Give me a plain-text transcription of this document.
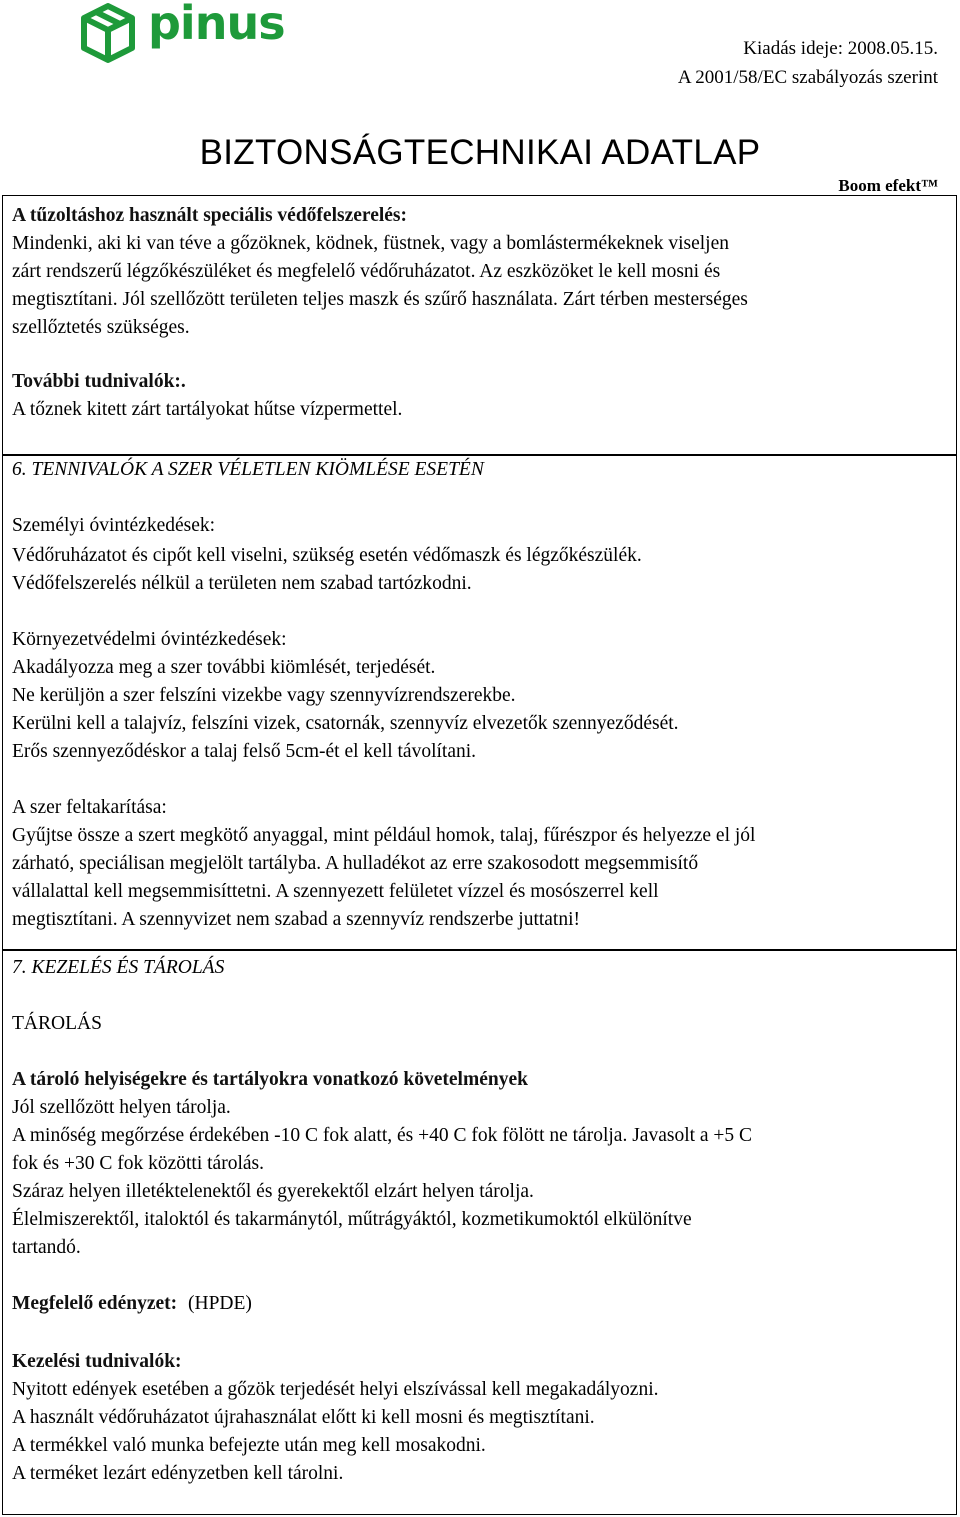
pinus	Kiadás ideje: 2008.05.15.
A 2001/58/EC szabályozás szerint
BIZTONSÁGTECHNIKAI ADATLAP
Boom efekt™
A tűzoltáshoz használt speciális védőfelszerelés:
Mindenki, aki ki van téve a gőzöknek, ködnek, füstnek, vagy a bomlástermékeknek viseljen
zárt rendszerű légzőkészüléket és megfelelő védőruházatot. Az eszközöket le kell mosni és
megtisztítani. Jól szellőzött területen teljes maszk és szűrő használata. Zárt térben mesterséges
szellőztetés szükséges.
További tudnivalók:.
A tőznek kitett zárt tartályokat hűtse vízpermettel.
6. TENNIVALÓK A SZER VÉLETLEN KIÖMLÉSE ESETÉN
Személyi óvintézkedések:
Védőruházatot és cipőt kell viselni, szükség esetén védőmaszk és légzőkészülék.
Védőfelszerelés nélkül a területen nem szabad tartózkodni.
Környezetvédelmi óvintézkedések:
Akadályozza meg a szer további kiömlését, terjedését.
Ne kerüljön a szer felszíni vizekbe vagy szennyvízrendszerekbe.
Kerülni kell a talajvíz, felszíni vizek, csatornák, szennyvíz elvezetők szennyeződését.
Erős szennyeződéskor a talaj felső 5cm-ét el kell távolítani.
A szer feltakarítása:
Gyűjtse össze a szert megkötő anyaggal, mint például homok, talaj, fűrészpor és helyezze el jól
zárható, speciálisan megjelölt tartályba. A hulladékot az erre szakosodott megsemmisítő
vállalattal kell megsemmisíttetni. A szennyezett felületet vízzel és mosószerrel kell
megtisztítani. A szennyvizet nem szabad a szennyvíz rendszerbe juttatni!
7. KEZELÉS ÉS TÁROLÁS
TÁROLÁS
A tároló helyiségekre és tartályokra vonatkozó követelmények
Jól szellőzött helyen tárolja.
A minőség megőrzése érdekében -10 C fok alatt, és +40 C fok fölött ne tárolja. Javasolt a +5 C
fok és +30 C fok közötti tárolás.
Száraz helyen illetéktelenektől és gyerekektől elzárt helyen tárolja.
Élelmiszerektől, italoktól és takarmánytól, műtrágyáktól, kozmetikumoktól elkülönítve
tartandó.
Megfelelő edényzet: (HPDE)
Kezelési tudnivalók:
Nyitott edények esetében a gőzök terjedését helyi elszívással kell megakadályozni.
A használt védőruházatot újrahasználat előtt ki kell mosni és megtisztítani.
A termékkel való munka befejezte után meg kell mosakodni.
A terméket lezárt edényzetben kell tárolni.
